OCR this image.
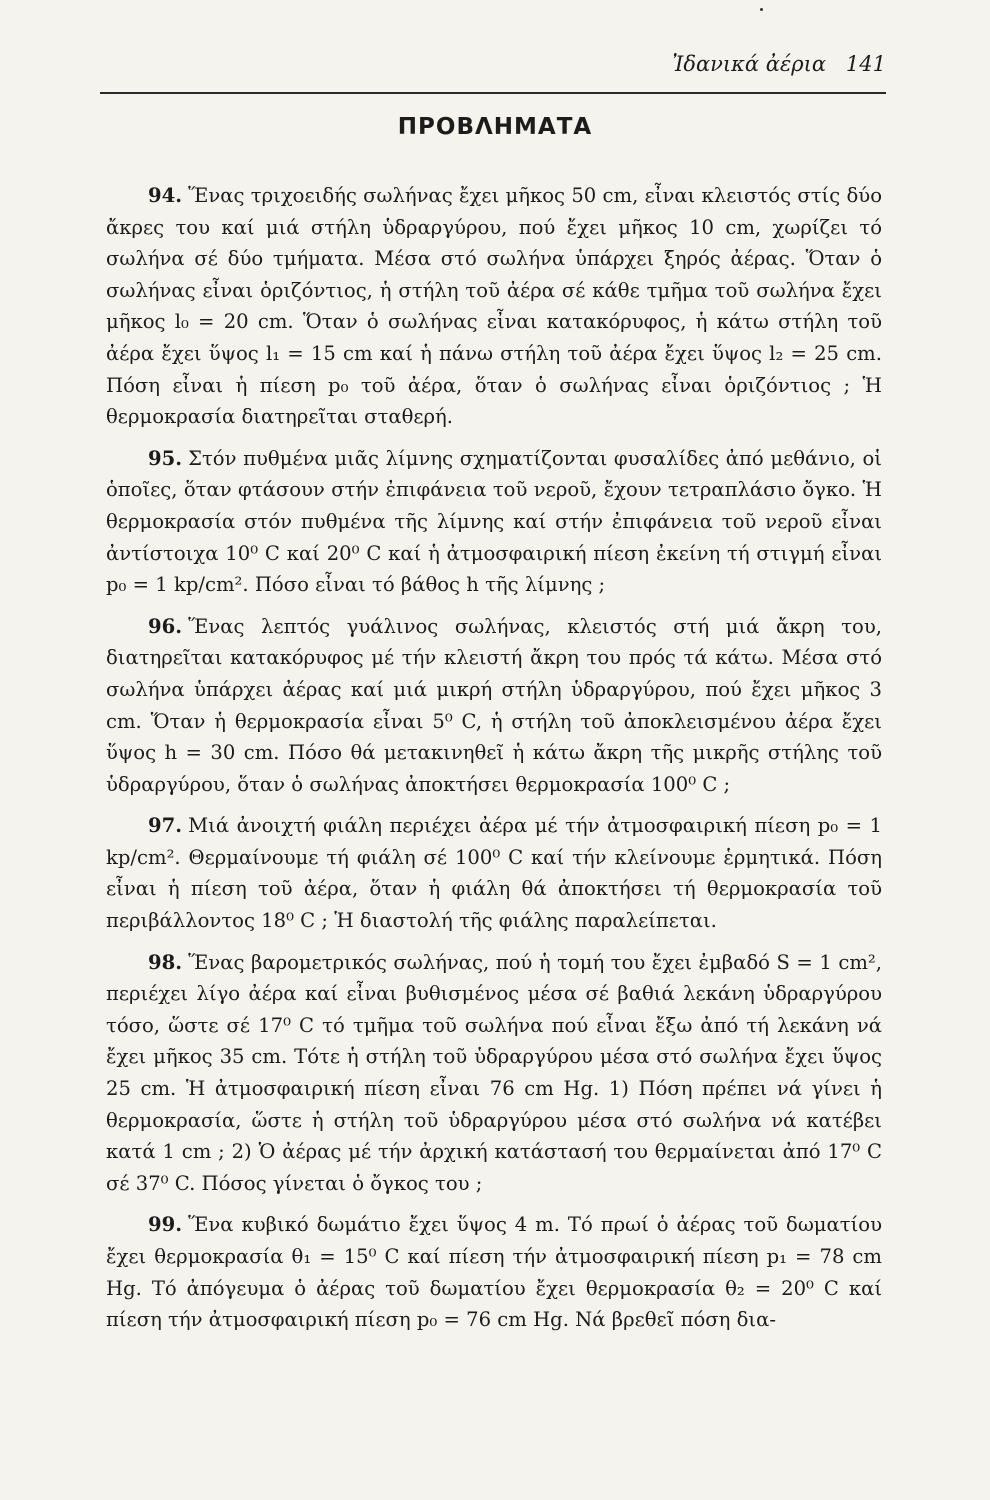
Ἰδανικά ἀέρια 141
ΠΡΟΒΛΗΜΑΤΑ

94. Ἕνας τριχοειδής σωλήνας ἔχει μῆκος 50 cm, εἶναι κλειστός στίς δύο ἄκρες του καί μιά στήλη ὑδραργύρου, πού ἔχει μῆκος 10 cm, χωρίζει τό σωλήνα σέ δύο τμήματα. Μέσα στό σωλήνα ὑπάρχει ξηρός ἀέρας. Ὅταν ὁ σωλήνας εἶναι ὁριζόντιος, ἡ στήλη τοῦ ἀέρα σέ κάθε τμῆμα τοῦ σωλήνα ἔχει μῆκος l₀ = 20 cm. Ὅταν ὁ σωλήνας εἶναι κατακόρυφος, ἡ κάτω στήλη τοῦ ἀέρα ἔχει ὕψος l₁ = 15 cm καί ἡ πάνω στήλη τοῦ ἀέρα ἔχει ὕψος l₂ = 25 cm. Πόση εἶναι ἡ πίεση p₀ τοῦ ἀέρα, ὅταν ὁ σωλήνας εἶναι ὁριζόντιος ; Ἡ θερμοκρασία διατηρεῖται σταθερή.

95. Στόν πυθμένα μιᾶς λίμνης σχηματίζονται φυσαλίδες ἀπό μεθάνιο, οἱ ὁποῖες, ὅταν φτάσουν στήν ἐπιφάνεια τοῦ νεροῦ, ἔχουν τετραπλάσιο ὄγκο. Ἡ θερμοκρασία στόν πυθμένα τῆς λίμνης καί στήν ἐπιφάνεια τοῦ νεροῦ εἶναι ἀντίστοιχα 10⁰ C καί 20⁰ C καί ἡ ἀτμοσφαιρική πίεση ἐκείνη τή στιγμή εἶναι p₀ = 1 kp/cm². Πόσο εἶναι τό βάθος h τῆς λίμνης ;

96. Ἕνας λεπτός γυάλινος σωλήνας, κλειστός στή μιά ἄκρη του, διατηρεῖται κατακόρυφος μέ τήν κλειστή ἄκρη του πρός τά κάτω. Μέσα στό σωλήνα ὑπάρχει ἀέρας καί μιά μικρή στήλη ὑδραργύρου, πού ἔχει μῆκος 3 cm. Ὅταν ἡ θερμοκρασία εἶναι 5⁰ C, ἡ στήλη τοῦ ἀποκλεισμένου ἀέρα ἔχει ὕψος h = 30 cm. Πόσο θά μετακινηθεῖ ἡ κάτω ἄκρη τῆς μικρῆς στήλης τοῦ ὑδραργύρου, ὅταν ὁ σωλήνας ἀποκτήσει θερμοκρασία 100⁰ C ;

97. Μιά ἀνοιχτή φιάλη περιέχει ἀέρα μέ τήν ἀτμοσφαιρική πίεση p₀ = 1 kp/cm². Θερμαίνουμε τή φιάλη σέ 100⁰ C καί τήν κλείνουμε ἑρμητικά. Πόση εἶναι ἡ πίεση τοῦ ἀέρα, ὅταν ἡ φιάλη θά ἀποκτήσει τή θερμοκρασία τοῦ περιβάλλοντος 18⁰ C ; Ἡ διαστολή τῆς φιάλης παραλείπεται.

98. Ἕνας βαρομετρικός σωλήνας, πού ἡ τομή του ἔχει ἐμβαδό S = 1 cm², περιέχει λίγο ἀέρα καί εἶναι βυθισμένος μέσα σέ βαθιά λεκάνη ὑδραργύρου τόσο, ὥστε σέ 17⁰ C τό τμῆμα τοῦ σωλήνα πού εἶναι ἔξω ἀπό τή λεκάνη νά ἔχει μῆκος 35 cm. Τότε ἡ στήλη τοῦ ὑδραργύρου μέσα στό σωλήνα ἔχει ὕψος 25 cm. Ἡ ἀτμοσφαιρική πίεση εἶναι 76 cm Hg. 1) Πόση πρέπει νά γίνει ἡ θερμοκρασία, ὥστε ἡ στήλη τοῦ ὑδραργύρου μέσα στό σωλήνα νά κατέβει κατά 1 cm ; 2) Ὁ ἀέρας μέ τήν ἀρχική κατάστασή του θερμαίνεται ἀπό 17⁰ C σέ 37⁰ C. Πόσος γίνεται ὁ ὄγκος του ;

99. Ἕνα κυβικό δωμάτιο ἔχει ὕψος 4 m. Τό πρωί ὁ ἀέρας τοῦ δωματίου ἔχει θερμοκρασία θ₁ = 15⁰ C καί πίεση τήν ἀτμοσφαιρική πίεση p₁ = 78 cm Hg. Τό ἀπόγευμα ὁ ἀέρας τοῦ δωματίου ἔχει θερμοκρασία θ₂ = 20⁰ C καί πίεση τήν ἀτμοσφαιρική πίεση p₀ = 76 cm Hg. Νά βρεθεῖ πόση δια-
